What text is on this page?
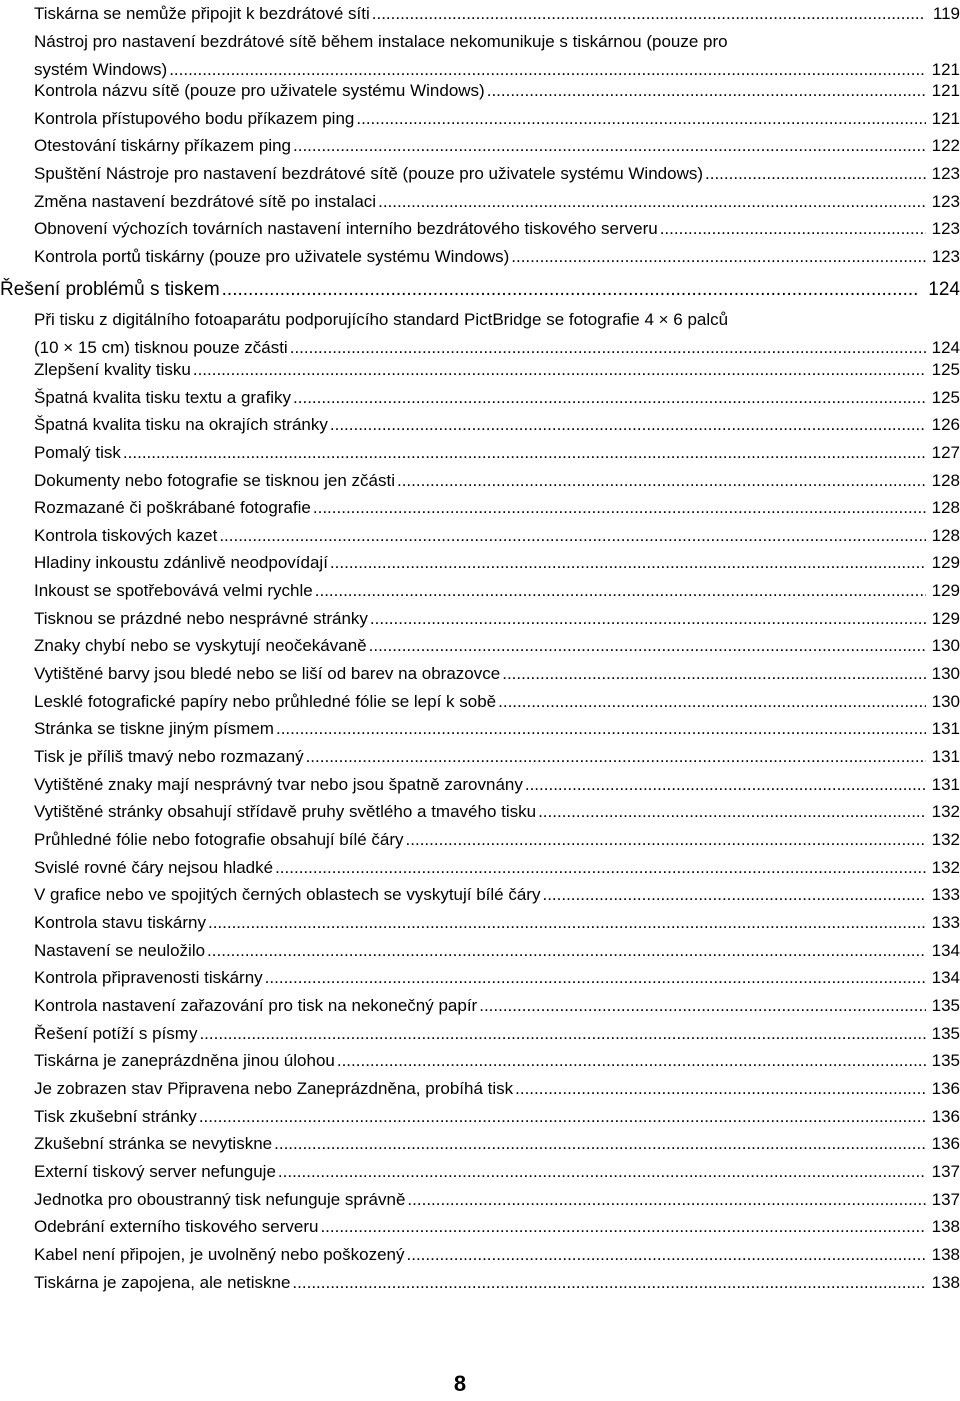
Tiskárna se nemůže připojit k bezdrátové síti .....	119
Nástroj pro nastavení bezdrátové sítě během instalace nekomunikuje s tiskárnou (pouze pro
systém Windows) .....	121
Kontrola názvu sítě (pouze pro uživatele systému Windows) .....	121
Kontrola přístupového bodu příkazem ping .....	121
Otestování tiskárny příkazem ping .....	122
Spuštění Nástroje pro nastavení bezdrátové sítě (pouze pro uživatele systému Windows) .....	123
Změna nastavení bezdrátové sítě po instalaci .....	123
Obnovení výchozích továrních nastavení interního bezdrátového tiskového serveru .....	123
Kontrola portů tiskárny (pouze pro uživatele systému Windows) .....	123
Řešení problémů s tiskem .....	124
Při tisku z digitálního fotoaparátu podporujícího standard PictBridge se fotografie 4 × 6 palců
(10 × 15 cm) tisknou pouze zčásti .....	124
Zlepšení kvality tisku .....	125
Špatná kvalita tisku textu a grafiky .....	125
Špatná kvalita tisku na okrajích stránky .....	126
Pomalý tisk .....	127
Dokumenty nebo fotografie se tisknou jen zčásti .....	128
Rozmazané či poškrábané fotografie .....	128
Kontrola tiskových kazet .....	128
Hladiny inkoustu zdánlivě neodpovídají .....	129
Inkoust se spotřebovává velmi rychle .....	129
Tisknou se prázdné nebo nesprávné stránky .....	129
Znaky chybí nebo se vyskytují neočekávaně .....	130
Vytištěné barvy jsou bledé nebo se liší od barev na obrazovce .....	130
Lesklé fotografické papíry nebo průhledné fólie se lepí k sobě .....	130
Stránka se tiskne jiným písmem .....	131
Tisk je příliš tmavý nebo rozmazaný .....	131
Vytištěné znaky mají nesprávný tvar nebo jsou špatně zarovnány .....	131
Vytištěné stránky obsahují střídavě pruhy světlého a tmavého tisku .....	132
Průhledné fólie nebo fotografie obsahují bílé čáry .....	132
Svislé rovné čáry nejsou hladké .....	132
V grafice nebo ve spojitých černých oblastech se vyskytují bílé čáry .....	133
Kontrola stavu tiskárny .....	133
Nastavení se neuložilo .....	134
Kontrola připravenosti tiskárny .....	134
Kontrola nastavení zařazování pro tisk na nekonečný papír .....	135
Řešení potíží s písmy .....	135
Tiskárna je zaneprázdněna jinou úlohou .....	135
Je zobrazen stav Připravena nebo Zaneprázdněna, probíhá tisk .....	136
Tisk zkušební stránky .....	136
Zkušební stránka se nevytiskne .....	136
Externí tiskový server nefunguje .....	137
Jednotka pro oboustranný tisk nefunguje správně .....	137
Odebrání externího tiskového serveru .....	138
Kabel není připojen, je uvolněný nebo poškozený .....	138
Tiskárna je zapojena, ale netiskne .....	138
8
